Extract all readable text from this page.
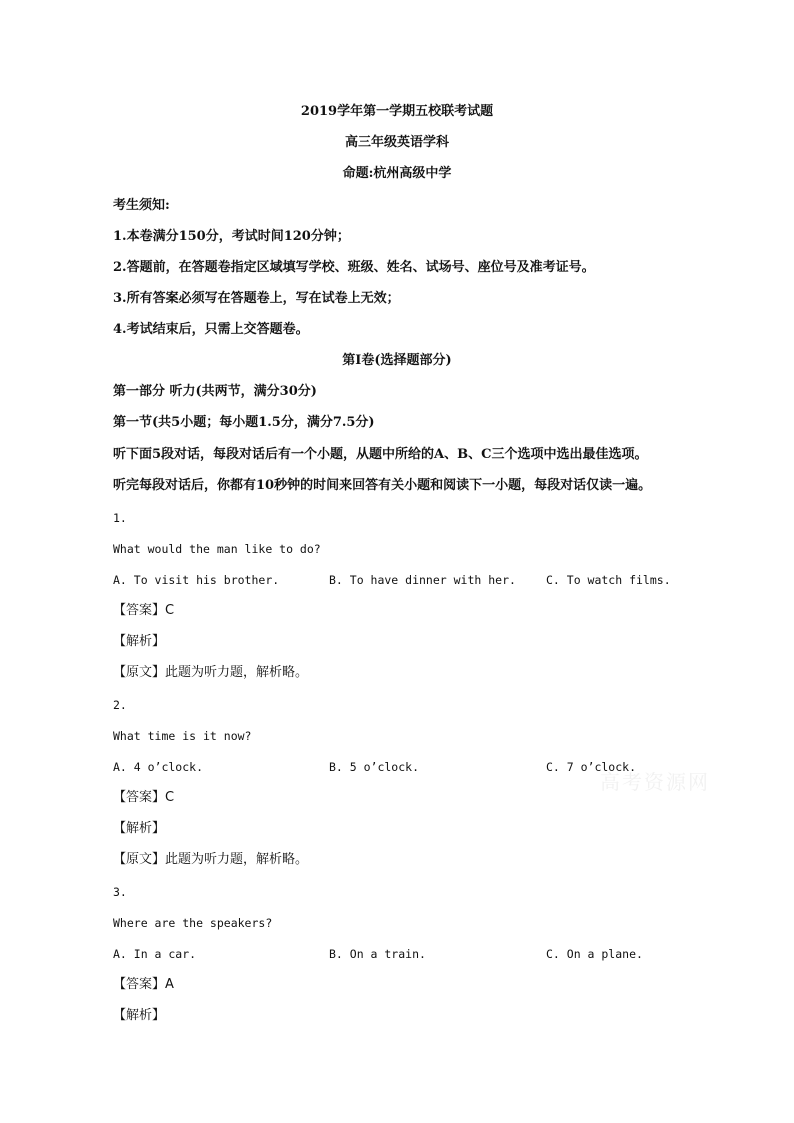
2019学年第一学期五校联考试题
高三年级英语学科
命题:杭州高级中学
考生须知:
1.本卷满分150分，考试时间120分钟；
2.答题前，在答题卷指定区域填写学校、班级、姓名、试场号、座位号及准考证号。
3.所有答案必须写在答题卷上，写在试卷上无效；
4.考试结束后，只需上交答题卷。
第Ⅰ卷(选择题部分)
第一部分 听力(共两节，满分30分)
第一节(共5小题；每小题1.5分，满分7.5分)
听下面5段对话，每段对话后有一个小题，从题中所给的A、B、C三个选项中选出最佳选项。
听完每段对话后，你都有10秒钟的时间来回答有关小题和阅读下一小题，每段对话仅读一遍。
1.
What would the man like to do?
A. To visit his brother.	B. To have dinner with her.	C. To watch films.
【答案】C
【解析】
【原文】此题为听力题，解析略。
2.
What time is it now?
A. 4 o’clock.	B. 5 o’clock.	C. 7 o’clock.
【答案】C
【解析】
【原文】此题为听力题，解析略。
3.
Where are the speakers?
A. In a car.	B. On a train.	C. On a plane.
【答案】A
【解析】
高考资源网
